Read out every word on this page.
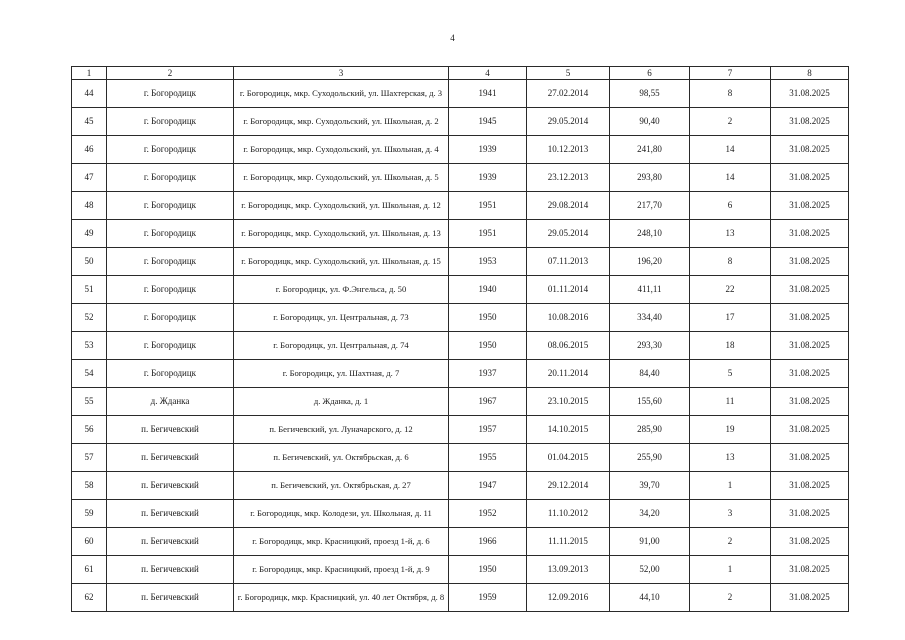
4
1	2	3	4	5	6	7	8
44	г. Богородицк	г. Богородицк, мкр. Суходольский, ул. Шахтерская, д. 3	1941	27.02.2014	98,55	8	31.08.2025
45	г. Богородицк	г. Богородицк, мкр. Суходольский, ул. Школьная, д. 2	1945	29.05.2014	90,40	2	31.08.2025
46	г. Богородицк	г. Богородицк, мкр. Суходольский, ул. Школьная, д. 4	1939	10.12.2013	241,80	14	31.08.2025
47	г. Богородицк	г. Богородицк, мкр. Суходольский, ул. Школьная, д. 5	1939	23.12.2013	293,80	14	31.08.2025
48	г. Богородицк	г. Богородицк, мкр. Суходольский, ул. Школьная, д. 12	1951	29.08.2014	217,70	6	31.08.2025
49	г. Богородицк	г. Богородицк, мкр. Суходольский, ул. Школьная, д. 13	1951	29.05.2014	248,10	13	31.08.2025
50	г. Богородицк	г. Богородицк, мкр. Суходольский, ул. Школьная, д. 15	1953	07.11.2013	196,20	8	31.08.2025
51	г. Богородицк	г. Богородицк, ул. Ф.Энгельса, д. 50	1940	01.11.2014	411,11	22	31.08.2025
52	г. Богородицк	г. Богородицк, ул. Центральная, д. 73	1950	10.08.2016	334,40	17	31.08.2025
53	г. Богородицк	г. Богородицк, ул. Центральная, д. 74	1950	08.06.2015	293,30	18	31.08.2025
54	г. Богородицк	г. Богородицк, ул. Шахтная, д. 7	1937	20.11.2014	84,40	5	31.08.2025
55	д. Жданка	д. Жданка, д. 1	1967	23.10.2015	155,60	11	31.08.2025
56	п. Бегичевский	п. Бегичевский, ул. Луначарского, д. 12	1957	14.10.2015	285,90	19	31.08.2025
57	п. Бегичевский	п. Бегичевский, ул. Октябрьская, д. 6	1955	01.04.2015	255,90	13	31.08.2025
58	п. Бегичевский	п. Бегичевский, ул. Октябрьская, д. 27	1947	29.12.2014	39,70	1	31.08.2025
59	п. Бегичевский	г. Богородицк, мкр. Колодези, ул. Школьная, д. 11	1952	11.10.2012	34,20	3	31.08.2025
60	п. Бегичевский	г. Богородицк, мкр. Красницкий, проезд 1-й, д. 6	1966	11.11.2015	91,00	2	31.08.2025
61	п. Бегичевский	г. Богородицк, мкр. Красницкий, проезд 1-й, д. 9	1950	13.09.2013	52,00	1	31.08.2025
62	п. Бегичевский	г. Богородицк, мкр. Красницкий, ул. 40 лет Октября, д. 8	1959	12.09.2016	44,10	2	31.08.2025
